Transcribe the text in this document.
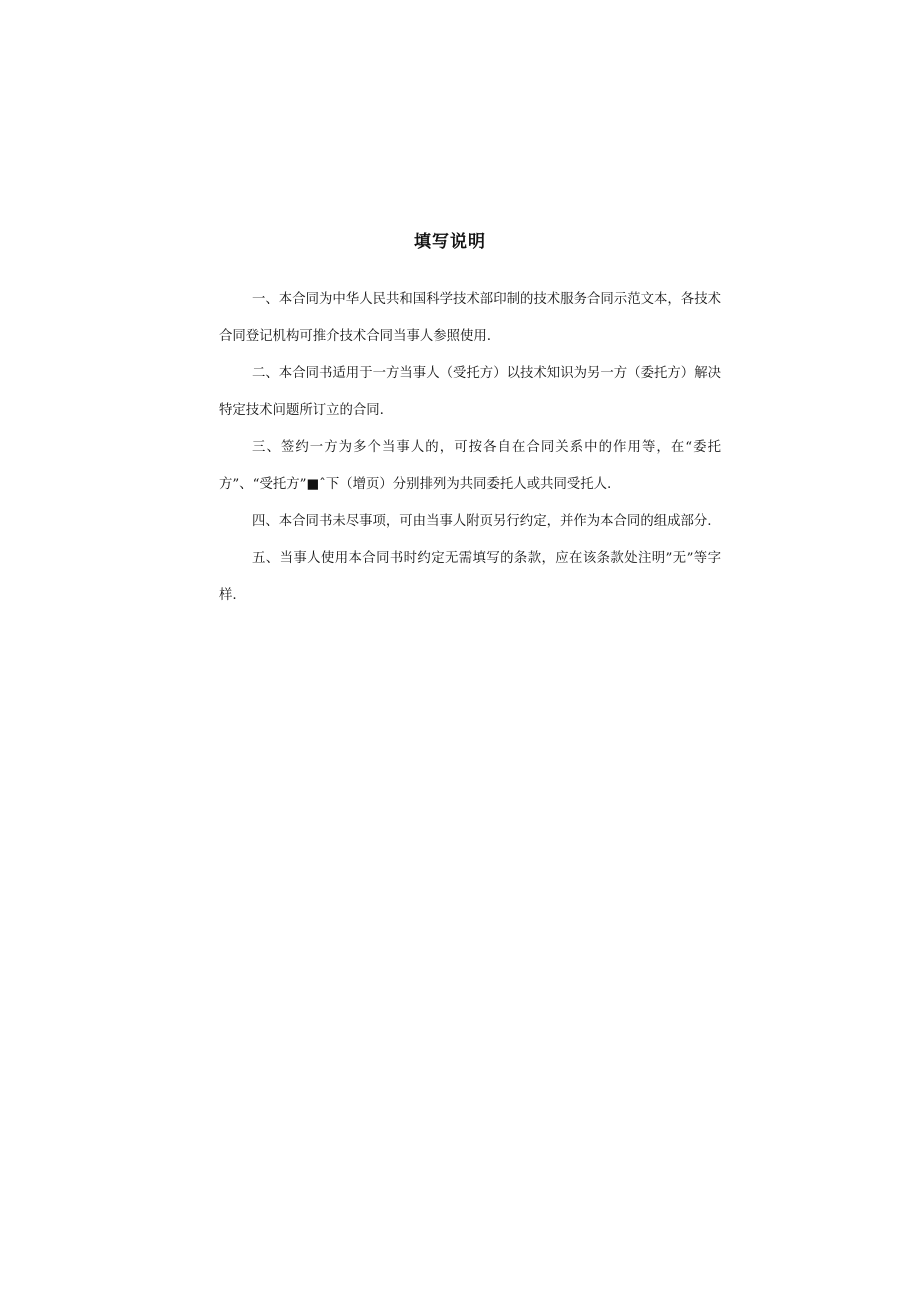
填写说明

一、本合同为中华人民共和国科学技术部印制的技术服务合同示范文本，各技术合同登记机构可推介技术合同当事人参照使用.

二、本合同书适用于一方当事人（受托方）以技术知识为另一方（委托方）解决特定技术问题所订立的合同.

三、签约一方为多个当事人的，可按各自在合同关系中的作用等，在“委托方”、“受托方”■ˆ下（增页）分别排列为共同委托人或共同受托人.

四、本合同书未尽事项，可由当事人附页另行约定，并作为本合同的组成部分.

五、当事人使用本合同书时约定无需填写的条款，应在该条款处注明”无”等字样.
